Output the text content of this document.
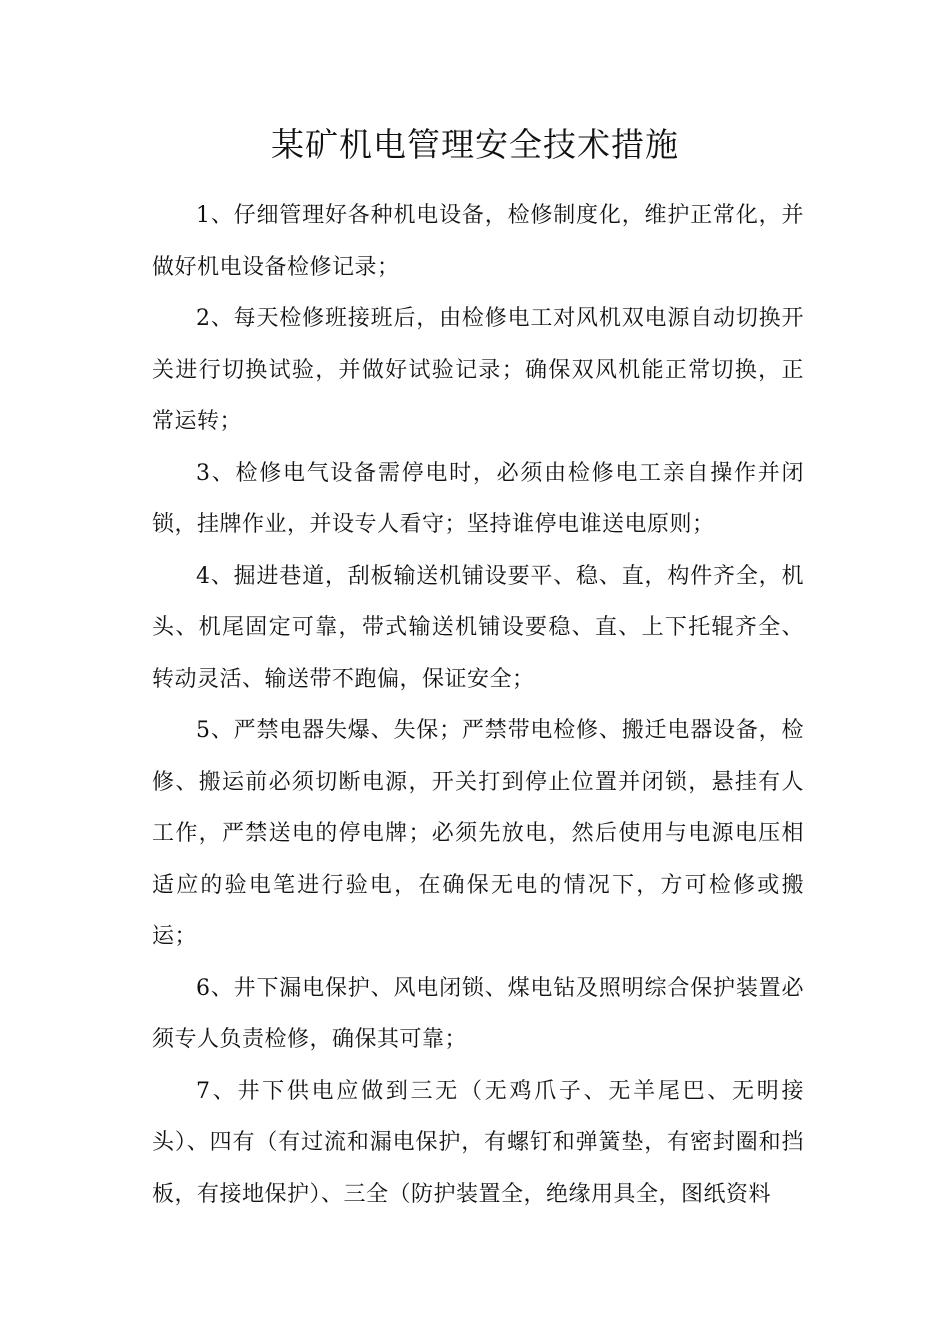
某矿机电管理安全技术措施

1、仔细管理好各种机电设备，检修制度化，维护正常化，并做好机电设备检修记录；

2、每天检修班接班后，由检修电工对风机双电源自动切换开关进行切换试验，并做好试验记录；确保双风机能正常切换，正常运转；

3、检修电气设备需停电时，必须由检修电工亲自操作并闭锁，挂牌作业，并设专人看守；坚持谁停电谁送电原则；

4、掘进巷道，刮板输送机铺设要平、稳、直，构件齐全，机头、机尾固定可靠，带式输送机铺设要稳、直、上下托辊齐全、转动灵活、输送带不跑偏，保证安全；

5、严禁电器失爆、失保；严禁带电检修、搬迁电器设备，检修、搬运前必须切断电源，开关打到停止位置并闭锁，悬挂有人工作，严禁送电的停电牌；必须先放电，然后使用与电源电压相适应的验电笔进行验电，在确保无电的情况下，方可检修或搬运；

6、井下漏电保护、风电闭锁、煤电钻及照明综合保护装置必须专人负责检修，确保其可靠；

7、井下供电应做到三无（无鸡爪子、无羊尾巴、无明接头）、四有（有过流和漏电保护，有螺钉和弹簧垫，有密封圈和挡板，有接地保护）、三全（防护装置全，绝缘用具全，图纸资料
